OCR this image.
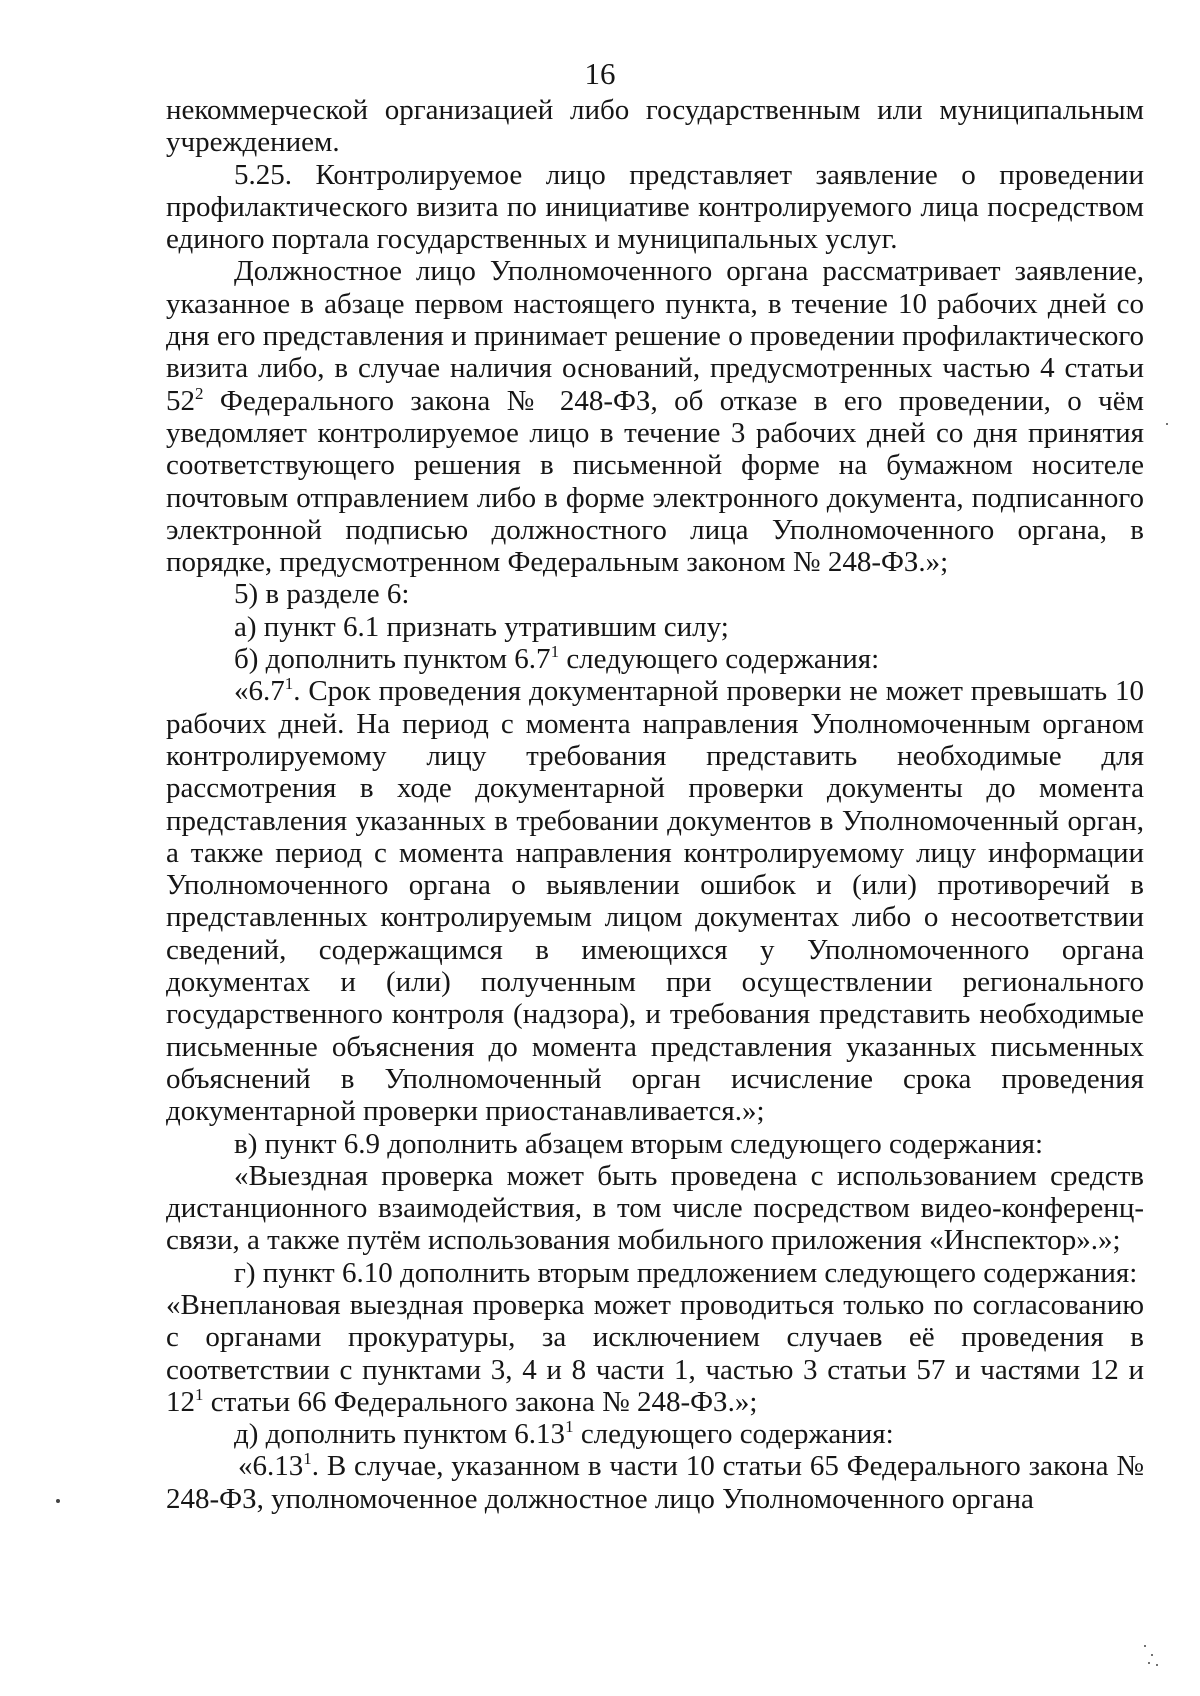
16

некоммерческой организацией либо государственным или муниципальным учреждением.

5.25. Контролируемое лицо представляет заявление о проведении профилактического визита по инициативе контролируемого лица посредством единого портала государственных и муниципальных услуг.

Должностное лицо Уполномоченного органа рассматривает заявление, указанное в абзаце первом настоящего пункта, в течение 10 рабочих дней со дня его представления и принимает решение о проведении профилактического визита либо, в случае наличия оснований, предусмотренных частью 4 статьи $52^2$ Федерального закона № 248-ФЗ, об отказе в его проведении, о чём уведомляет контролируемое лицо в течение 3 рабочих дней со дня принятия соответствующего решения в письменной форме на бумажном носителе почтовым отправлением либо в форме электронного документа, подписанного электронной подписью должностного лица Уполномоченного органа, в порядке, предусмотренном Федеральным законом № 248-ФЗ.»;

5) в разделе 6:

а) пункт 6.1 признать утратившим силу;

б) дополнить пунктом $6.7^1$ следующего содержания:

«$6.7^1$. Срок проведения документарной проверки не может превышать 10 рабочих дней. На период с момента направления Уполномоченным органом контролируемому лицу требования представить необходимые для рассмотрения в ходе документарной проверки документы до момента представления указанных в требовании документов в Уполномоченный орган, а также период с момента направления контролируемому лицу информации Уполномоченного органа о выявлении ошибок и (или) противоречий в представленных контролируемым лицом документах либо о несоответствии сведений, содержащимся в имеющихся у Уполномоченного органа документах и (или) полученным при осуществлении регионального государственного контроля (надзора), и требования представить необходимые письменные объяснения до момента представления указанных письменных объяснений в Уполномоченный орган исчисление срока проведения документарной проверки приостанавливается.»;

в) пункт 6.9 дополнить абзацем вторым следующего содержания:

«Выездная проверка может быть проведена с использованием средств дистанционного взаимодействия, в том числе посредством видео-конференц-связи, а также путём использования мобильного приложения «Инспектор».»;

г) пункт 6.10 дополнить вторым предложением следующего содержания:

«Внеплановая выездная проверка может проводиться только по согласованию с органами прокуратуры, за исключением случаев её проведения в соответствии с пунктами 3, 4 и 8 части 1, частью 3 статьи 57 и частями 12 и $12^1$ статьи 66 Федерального закона № 248-ФЗ.»;

д) дополнить пунктом 6.13$^1$ следующего содержания:

«6.13$^1$. В случае, указанном в части 10 статьи 65 Федерального закона № 248-ФЗ, уполномоченное должностное лицо Уполномоченного органа
